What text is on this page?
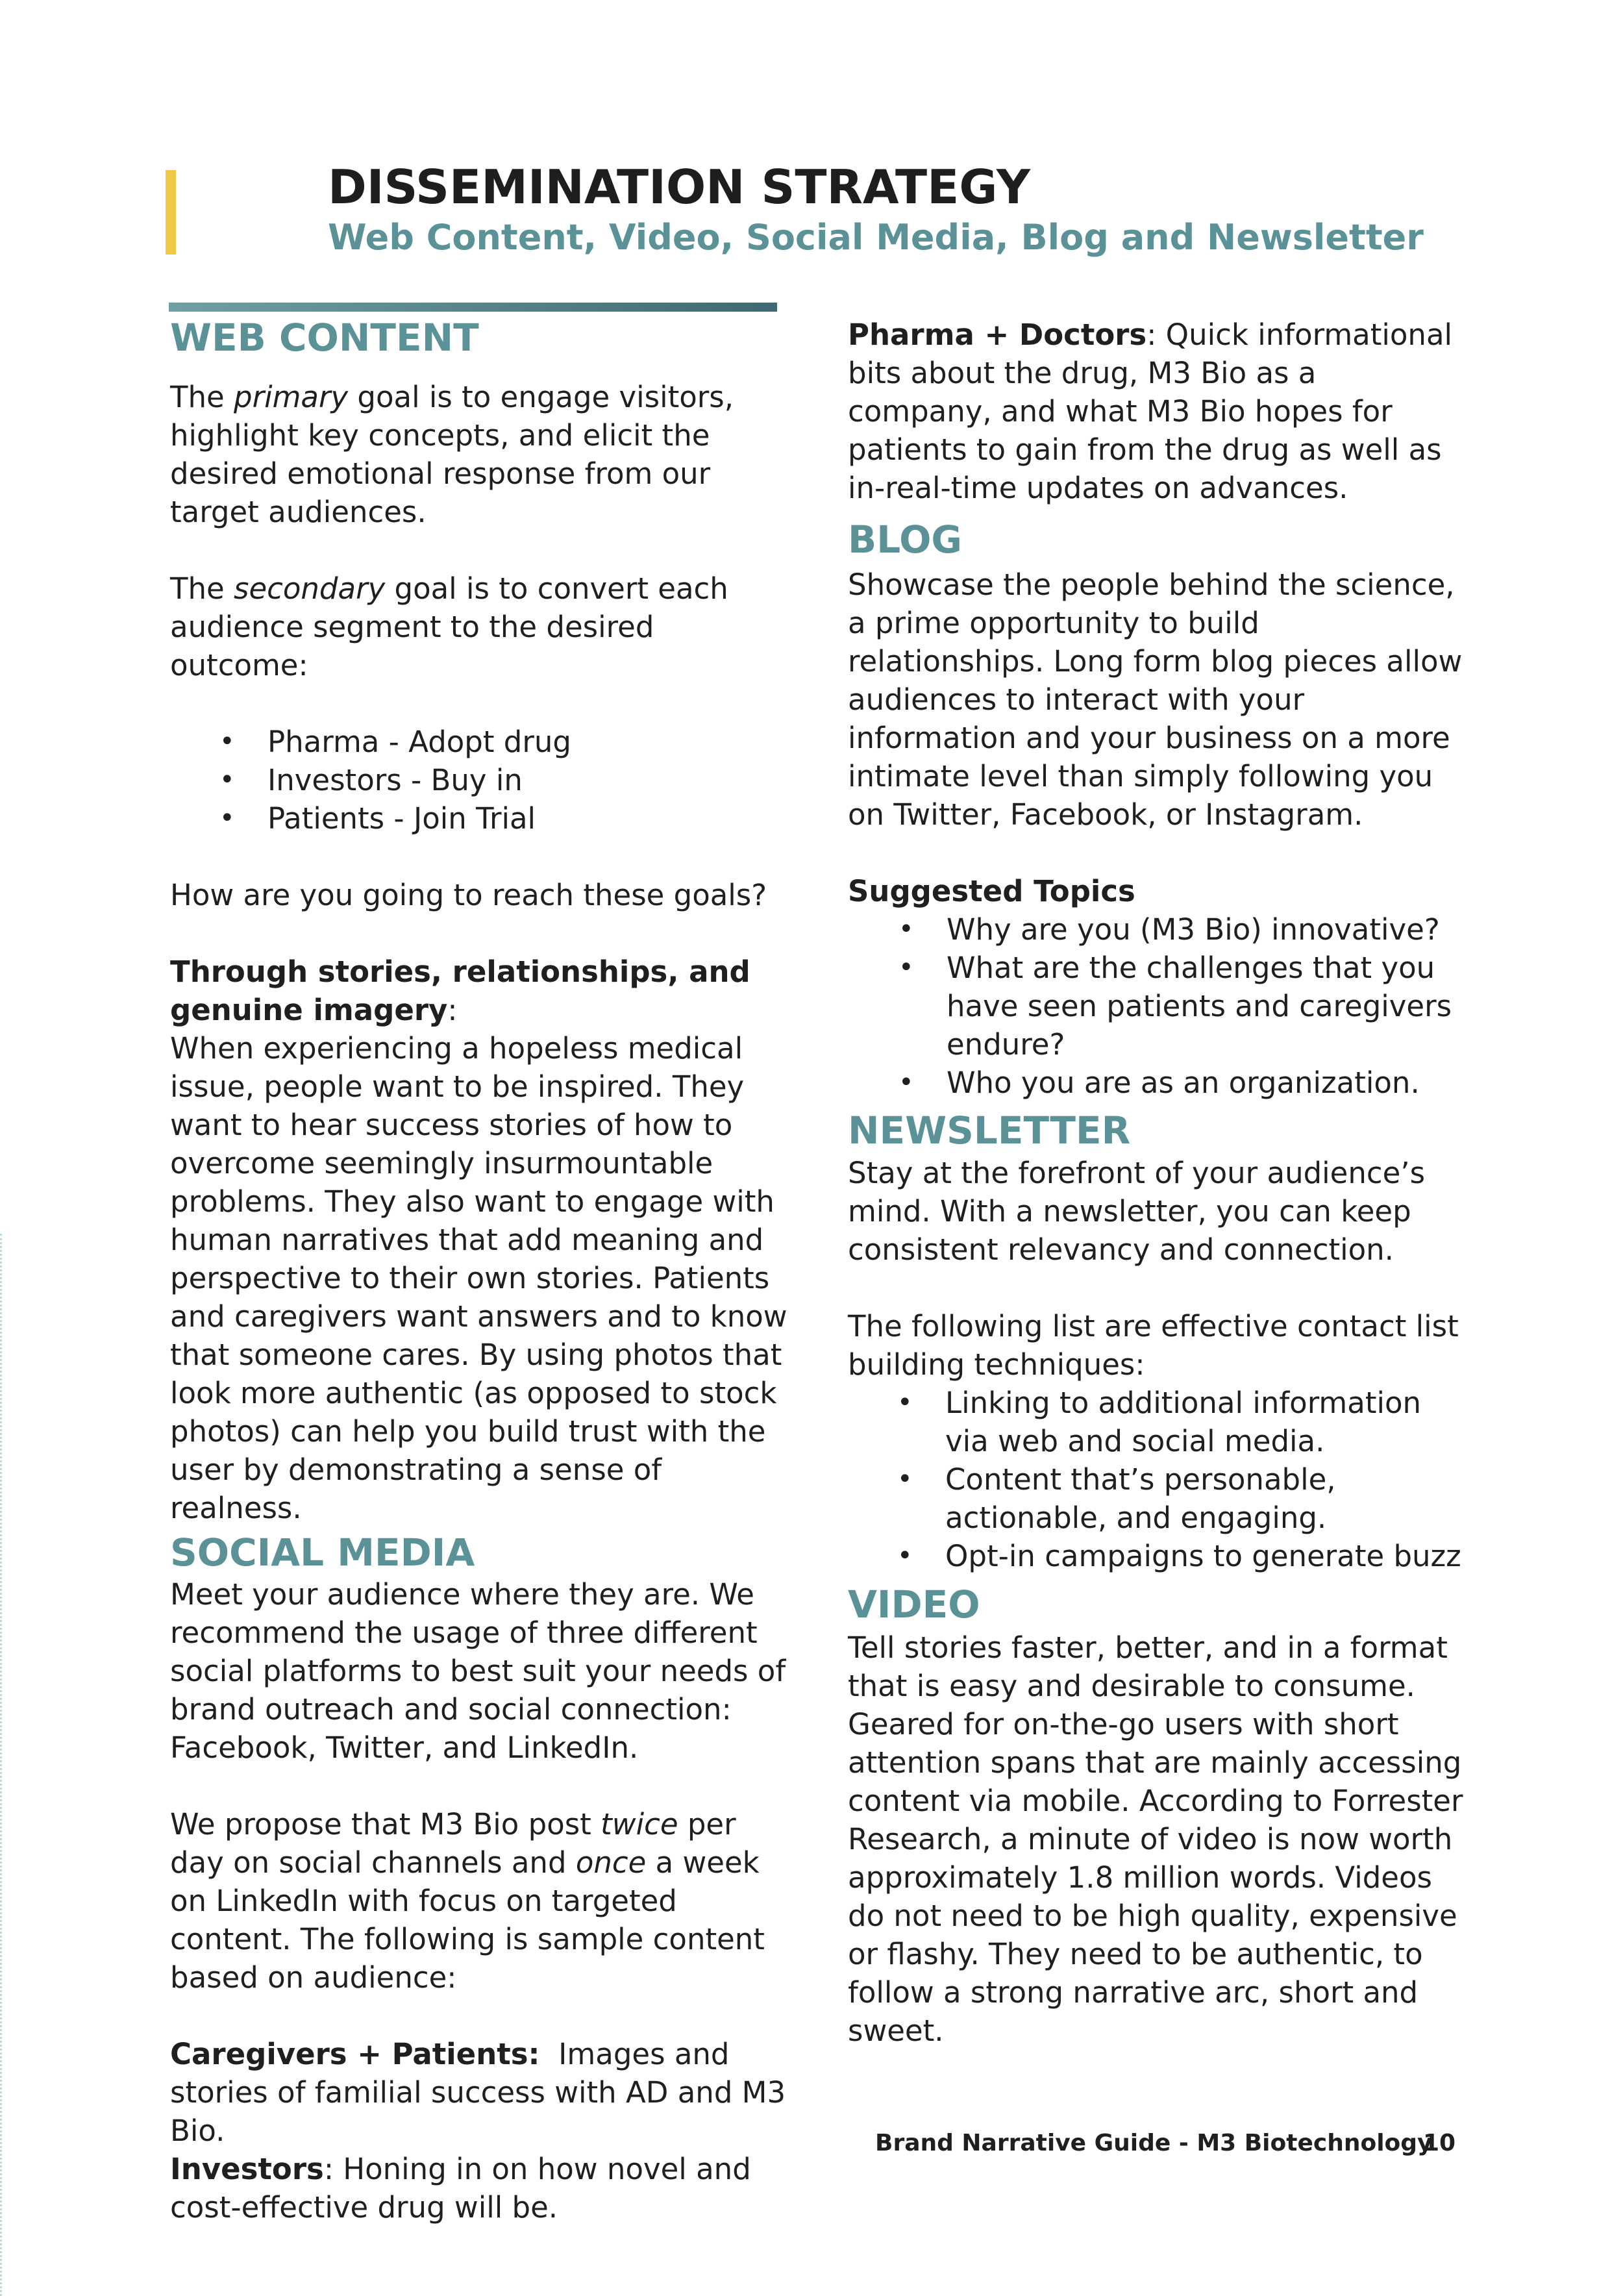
DISSEMINATION STRATEGY
Web Content, Video, Social Media, Blog and Newsletter
WEB CONTENT

The primary goal is to engage visitors, highlight key concepts, and elicit the desired emotional response from our target audiences.

The secondary goal is to convert each audience segment to the desired outcome:

• Pharma - Adopt drug
• Investors - Buy in
• Patients - Join Trial

How are you going to reach these goals?

Through stories, relationships, and genuine imagery:
When experiencing a hopeless medical issue, people want to be inspired. They want to hear success stories of how to overcome seemingly insurmountable problems. They also want to engage with human narratives that add meaning and perspective to their own stories. Patients and caregivers want answers and to know that someone cares. By using photos that look more authentic (as opposed to stock photos) can help you build trust with the user by demonstrating a sense of realness.

SOCIAL MEDIA

Meet your audience where they are. We recommend the usage of three different social platforms to best suit your needs of brand outreach and social connection: Facebook, Twitter, and LinkedIn.

We propose that M3 Bio post twice per day on social channels and once a week on LinkedIn with focus on targeted content. The following is sample content based on audience:

Caregivers + Patients:  Images and stories of familial success with AD and M3 Bio.

Investors: Honing in on how novel and cost-effective drug will be.

Pharma + Doctors: Quick informational bits about the drug, M3 Bio as a company, and what M3 Bio hopes for patients to gain from the drug as well as in-real-time updates on advances.

BLOG

Showcase the people behind the science, a prime opportunity to build relationships. Long form blog pieces allow audiences to interact with your information and your business on a more intimate level than simply following you on Twitter, Facebook, or Instagram.

Suggested Topics

• Why are you (M3 Bio) innovative?
• What are the challenges that you have seen patients and caregivers endure?
• Who you are as an organization.
NEWSLETTER

Stay at the forefront of your audience’s mind. With a newsletter, you can keep consistent relevancy and connection.

The following list are effective contact list building techniques:

• Linking to additional information via web and social media.
• Content that’s personable, actionable, and engaging.
• Opt-in campaigns to generate buzz
VIDEO

Tell stories faster, better, and in a format that is easy and desirable to consume. Geared for on-the-go users with short attention spans that are mainly accessing content via mobile. According to Forrester Research, a minute of video is now worth approximately 1.8 million words. Videos do not need to be high quality, expensive or flashy. They need to be authentic, to follow a strong narrative arc, short and sweet.

Brand Narrative Guide - M3 Biotechnology
10
